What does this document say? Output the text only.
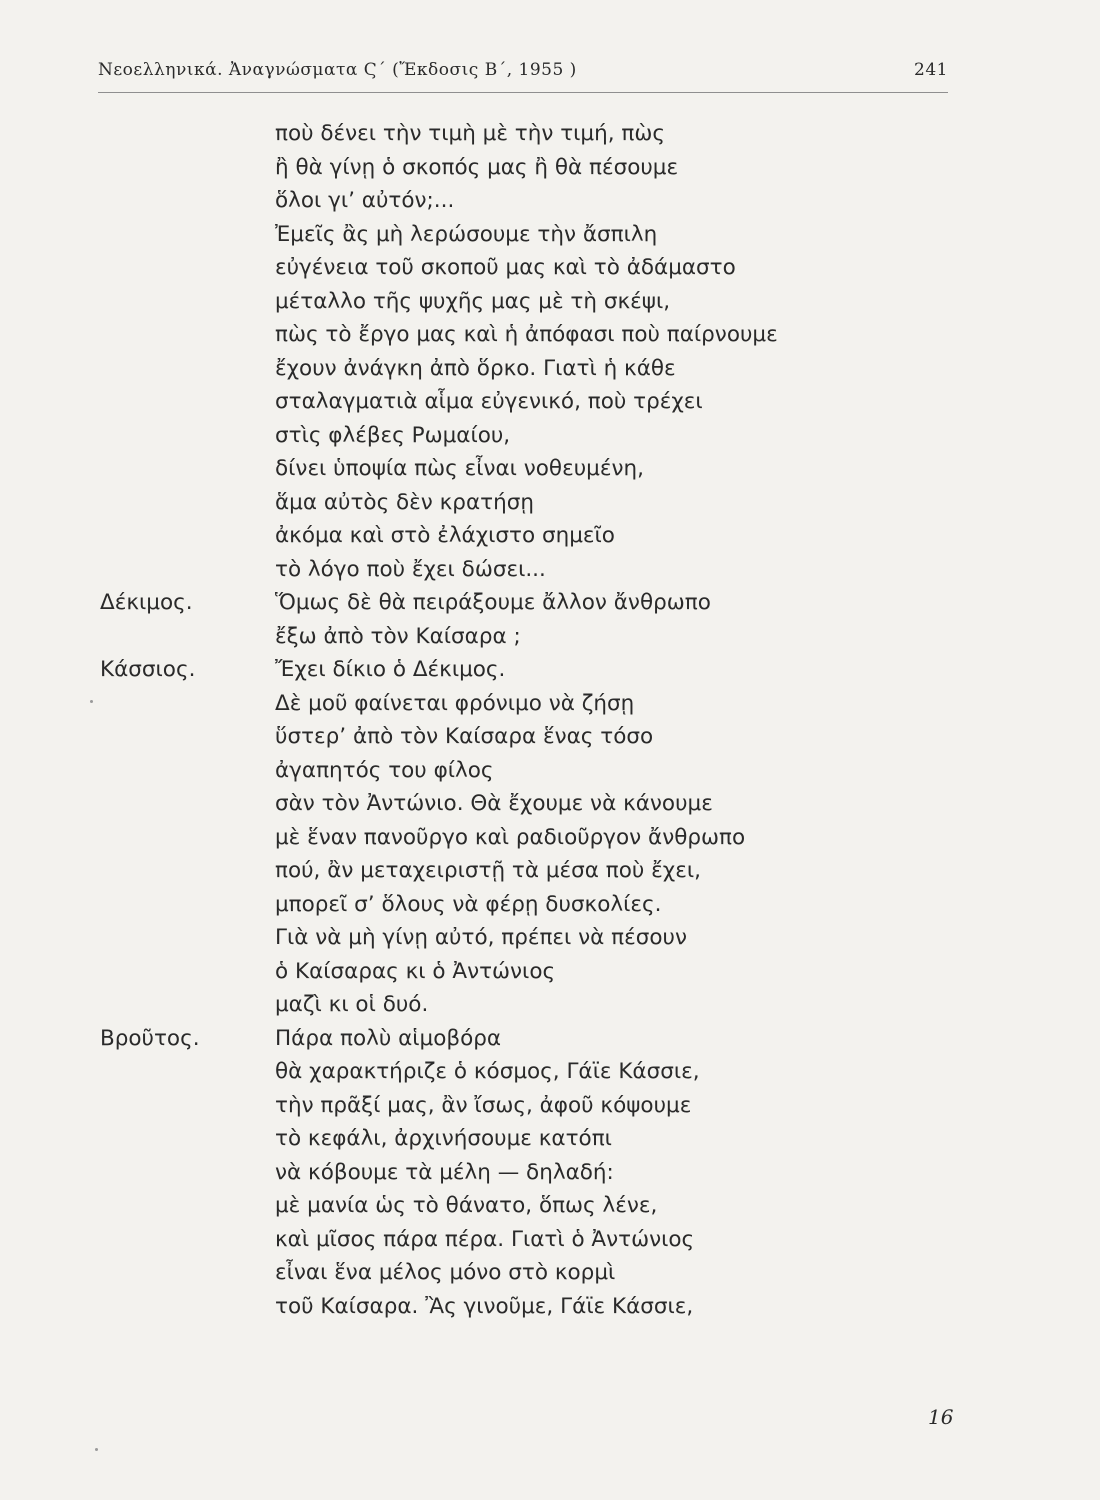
Νεοελληνικά. Ἀναγνώσματα Ϛ΄ (Ἔκδοσις Β΄, 1955 )	241
ποὺ δένει τὴν τιμὴ μὲ τὴν τιμή, πὼς
ἢ θὰ γίνῃ ὁ σκοπός μας ἢ θὰ πέσουμε
ὅλοι γι’ αὐτόν;...
Ἐμεῖς ἂς μὴ λερώσουμε τὴν ἄσπιλη
εὐγένεια τοῦ σκοποῦ μας καὶ τὸ ἀδάμαστο
μέταλλο τῆς ψυχῆς μας μὲ τὴ σκέψι,
πὼς τὸ ἔργο μας καὶ ἡ ἀπόφασι ποὺ παίρνουμε
ἔχουν ἀνάγκη ἀπὸ ὅρκο. Γιατὶ ἡ κάθε
σταλαγματιὰ αἷμα εὐγενικό, ποὺ τρέχει
στὶς φλέβες Ρωμαίου,
δίνει ὑποψία πὼς εἶναι νοθευμένη,
ἅμα αὐτὸς δὲν κρατήσῃ
ἀκόμα καὶ στὸ ἐλάχιστο σημεῖο
τὸ λόγο ποὺ ἔχει δώσει...
Δέκιμος.	Ὅμως δὲ θὰ πειράξουμε ἄλλον ἄνθρωπο
ἔξω ἀπὸ τὸν Καίσαρα ;
Κάσσιος.	Ἔχει δίκιο ὁ Δέκιμος.
Δὲ μοῦ φαίνεται φρόνιμο νὰ ζήσῃ
ὕστερ’ ἀπὸ τὸν Καίσαρα ἕνας τόσο
ἀγαπητός του φίλος
σὰν τὸν Ἀντώνιο. Θὰ ἔχουμε νὰ κάνουμε
μὲ ἕναν πανοῦργο καὶ ραδιοῦργον ἄνθρωπο
πού, ἂν μεταχειριστῇ τὰ μέσα ποὺ ἔχει,
μπορεῖ σ’ ὅλους νὰ φέρῃ δυσκολίες.
Γιὰ νὰ μὴ γίνῃ αὐτό, πρέπει νὰ πέσουν
ὁ Καίσαρας κι ὁ Ἀντώνιος
μαζὶ κι οἱ δυό.
Βροῦτος.	Πάρα πολὺ αἱμοβόρα
θὰ χαρακτήριζε ὁ κόσμος, Γάϊε Κάσσιε,
τὴν πρᾶξί μας, ἂν ἴσως, ἀφοῦ κόψουμε
τὸ κεφάλι, ἀρχινήσουμε κατόπι
νὰ κόβουμε τὰ μέλη — δηλαδή:
μὲ μανία ὡς τὸ θάνατο, ὅπως λένε,
καὶ μῖσος πάρα πέρα. Γιατὶ ὁ Ἀντώνιος
εἶναι ἕνα μέλος μόνο στὸ κορμὶ
τοῦ Καίσαρα. Ἂς γινοῦμε, Γάϊε Κάσσιε,
16
